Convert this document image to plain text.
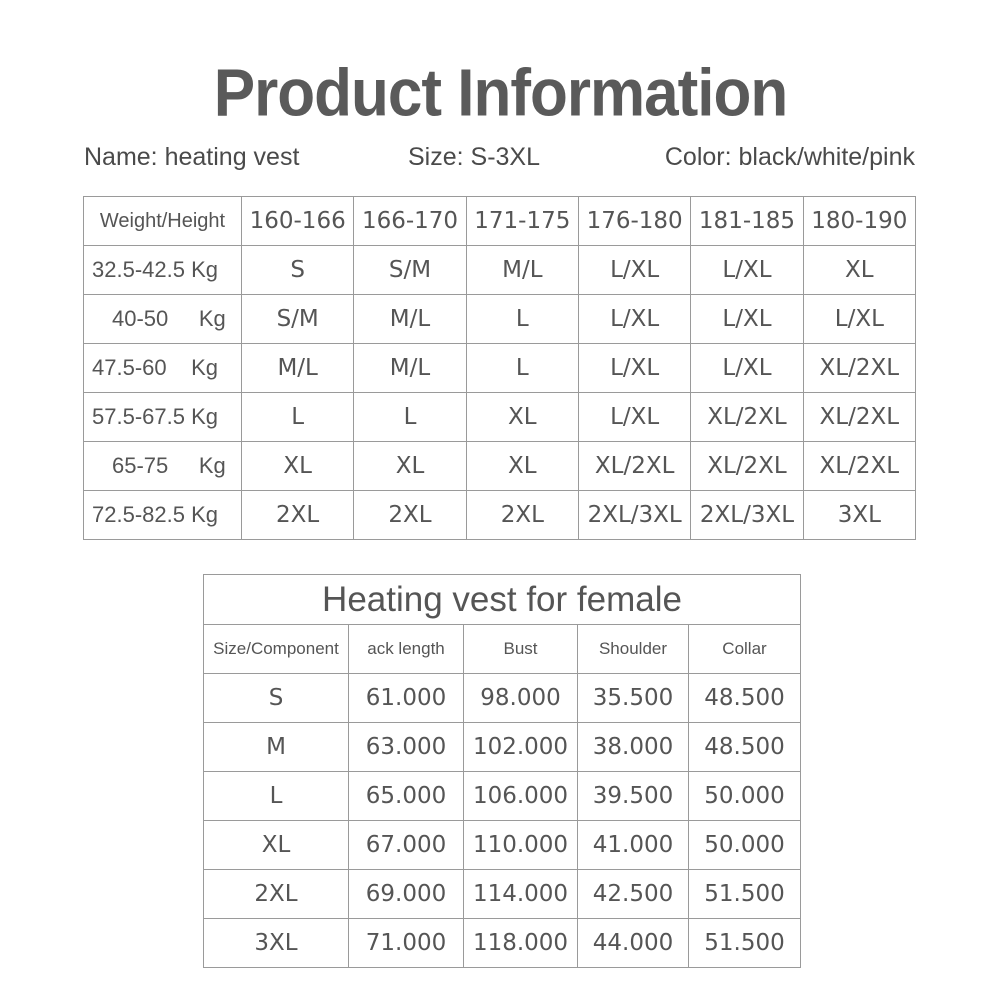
Product Information
Name: heating vest	Size: S-3XL	Color: black/white/pink
Weight/Height	160-166	166-170	171-175	176-180	181-185	180-190
32.5-42.5 Kg	S	S/M	M/L	L/XL	L/XL	XL
40-50     Kg	S/M	M/L	L	L/XL	L/XL	L/XL
47.5-60    Kg	M/L	M/L	L	L/XL	L/XL	XL/2XL
57.5-67.5 Kg	L	L	XL	L/XL	XL/2XL	XL/2XL
65-75     Kg	XL	XL	XL	XL/2XL	XL/2XL	XL/2XL
72.5-82.5 Kg	2XL	2XL	2XL	2XL/3XL	2XL/3XL	3XL
Heating vest for female				
Size/Component	ack length	Bust	Shoulder	Collar
S	61.000	98.000	35.500	48.500
M	63.000	102.000	38.000	48.500
L	65.000	106.000	39.500	50.000
XL	67.000	110.000	41.000	50.000
2XL	69.000	114.000	42.500	51.500
3XL	71.000	118.000	44.000	51.500
